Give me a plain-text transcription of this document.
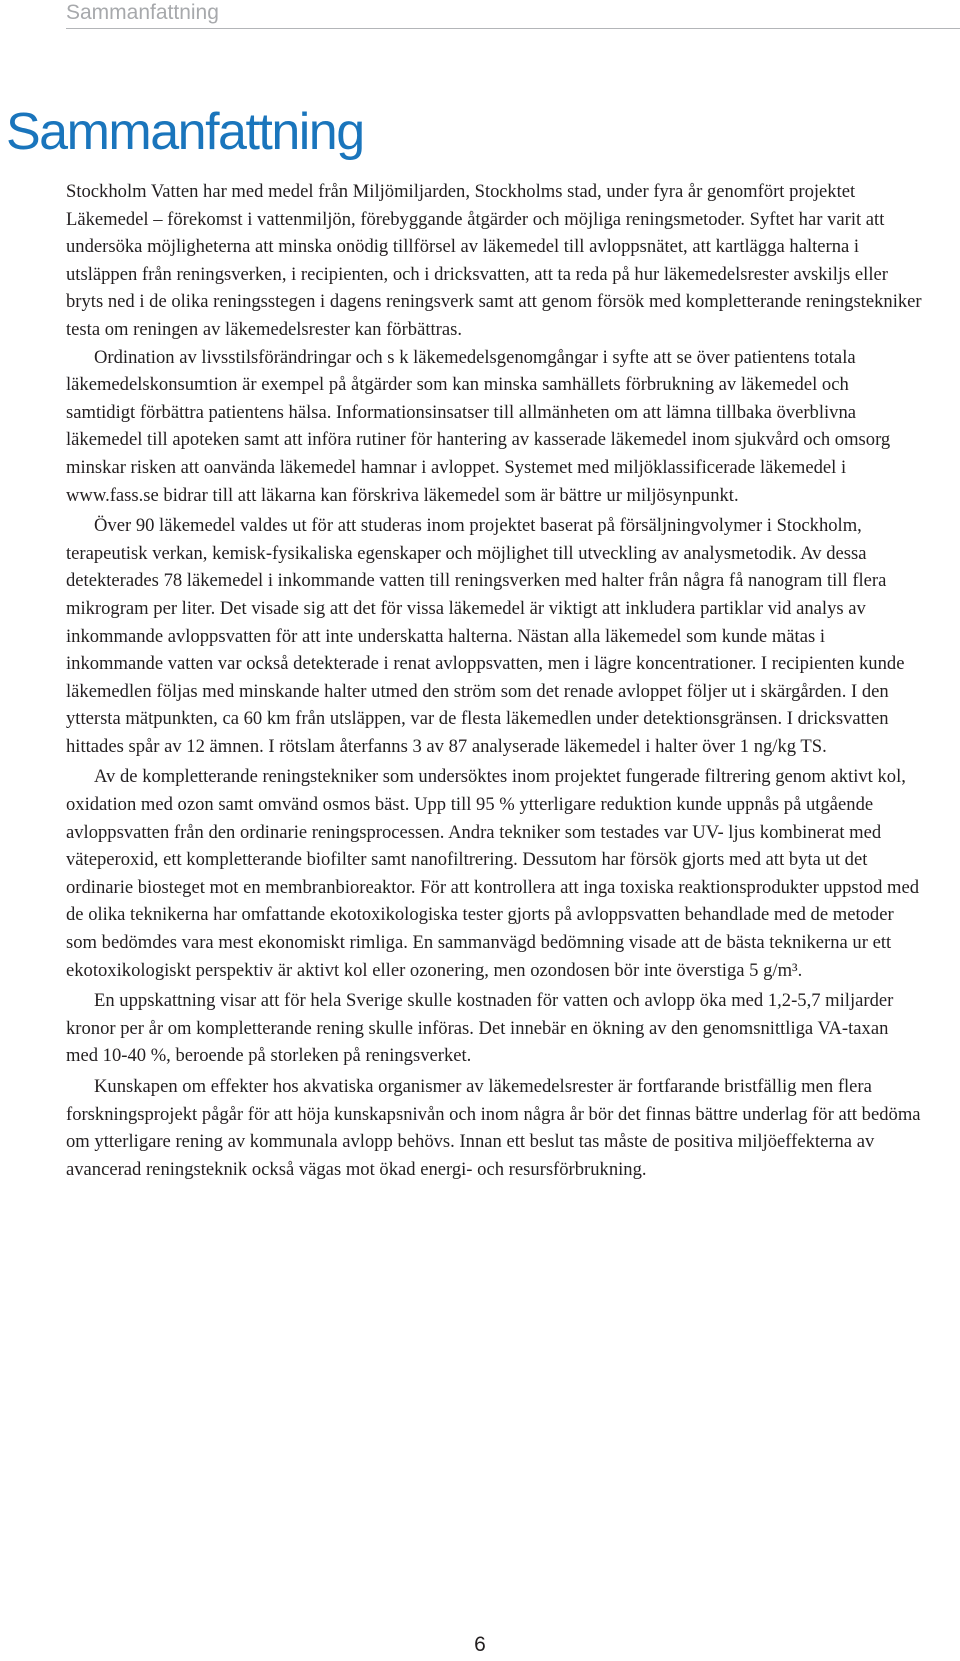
Sammanfattning
Sammanfattning

Stockholm Vatten har med medel från Miljömiljarden, Stockholms stad, under fyra år genomfört projektet Läkemedel – förekomst i vattenmiljön, förebyggande åtgärder och möjliga reningsmetoder. Syftet har varit att undersöka möjligheterna att minska onödig tillförsel av läkemedel till avloppsnätet, att kartlägga halterna i utsläppen från reningsverken, i recipienten, och i dricksvatten, att ta reda på hur läkemedelsrester avskiljs eller bryts ned i de olika reningsstegen i dagens reningsverk samt att genom försök med kompletterande reningstekniker testa om reningen av läkemedelsrester kan förbättras.

Ordination av livsstilsförändringar och s k läkemedelsgenomgångar i syfte att se över patientens totala läkemedelskonsumtion är exempel på åtgärder som kan minska samhällets förbrukning av läkemedel och samtidigt förbättra patientens hälsa. Informationsinsatser till allmänheten om att lämna tillbaka överblivna läkemedel till apoteken samt att införa rutiner för hantering av kasserade läkemedel inom sjukvård och omsorg minskar risken att oanvända läkemedel hamnar i avloppet. Systemet med miljöklassificerade läkemedel i www.fass.se bidrar till att läkarna kan förskriva läkemedel som är bättre ur miljösynpunkt.

Över 90 läkemedel valdes ut för att studeras inom projektet baserat på försäljningvolymer i Stockholm, terapeutisk verkan, kemisk-fysikaliska egenskaper och möjlighet till utveckling av analysmetodik. Av dessa detekterades 78 läkemedel i inkommande vatten till reningsverken med halter från några få nanogram till flera mikrogram per liter. Det visade sig att det för vissa läkemedel är viktigt att inkludera partiklar vid analys av inkommande avloppsvatten för att inte underskatta halterna. Nästan alla läkemedel som kunde mätas i inkommande vatten var också detekterade i renat avloppsvatten, men i lägre koncentrationer. I recipienten kunde läkemedlen följas med minskande halter utmed den ström som det renade avloppet följer ut i skärgården. I den yttersta mätpunkten, ca 60 km från utsläppen, var de flesta läkemedlen under detektionsgränsen. I dricksvatten hittades spår av 12 ämnen. I rötslam återfanns 3 av 87 analyserade läkemedel i halter över 1 ng/kg TS.

Av de kompletterande reningstekniker som undersöktes inom projektet fungerade filtrering genom aktivt kol, oxidation med ozon samt omvänd osmos bäst. Upp till 95 % ytterligare reduktion kunde uppnås på utgående avloppsvatten från den ordinarie reningsprocessen. Andra tekniker som testades var UV- ljus kombinerat med väteperoxid, ett kompletterande biofilter samt nanofiltrering. Dessutom har försök gjorts med att byta ut det ordinarie biosteget mot en membranbioreaktor. För att kontrollera att inga toxiska reaktionsprodukter uppstod med de olika teknikerna har omfattande ekotoxikologiska tester gjorts på avloppsvatten behandlade med de metoder som bedömdes vara mest ekonomiskt rimliga. En sammanvägd bedömning visade att de bästa teknikerna ur ett ekotoxikologiskt perspektiv är aktivt kol eller ozonering, men ozondosen bör inte överstiga 5 g/m³.

En uppskattning visar att för hela Sverige skulle kostnaden för vatten och avlopp öka med 1,2-5,7 miljarder kronor per år om kompletterande rening skulle införas. Det innebär en ökning av den genomsnittliga VA-taxan med 10-40 %, beroende på storleken på reningsverket.

Kunskapen om effekter hos akvatiska organismer av läkemedelsrester är fortfarande bristfällig men flera forskningsprojekt pågår för att höja kunskapsnivån och inom några år bör det finnas bättre underlag för att bedöma om ytterligare rening av kommunala avlopp behövs. Innan ett beslut tas måste de positiva miljöeffekterna av avancerad reningsteknik också vägas mot ökad energi- och resursförbrukning.

6
